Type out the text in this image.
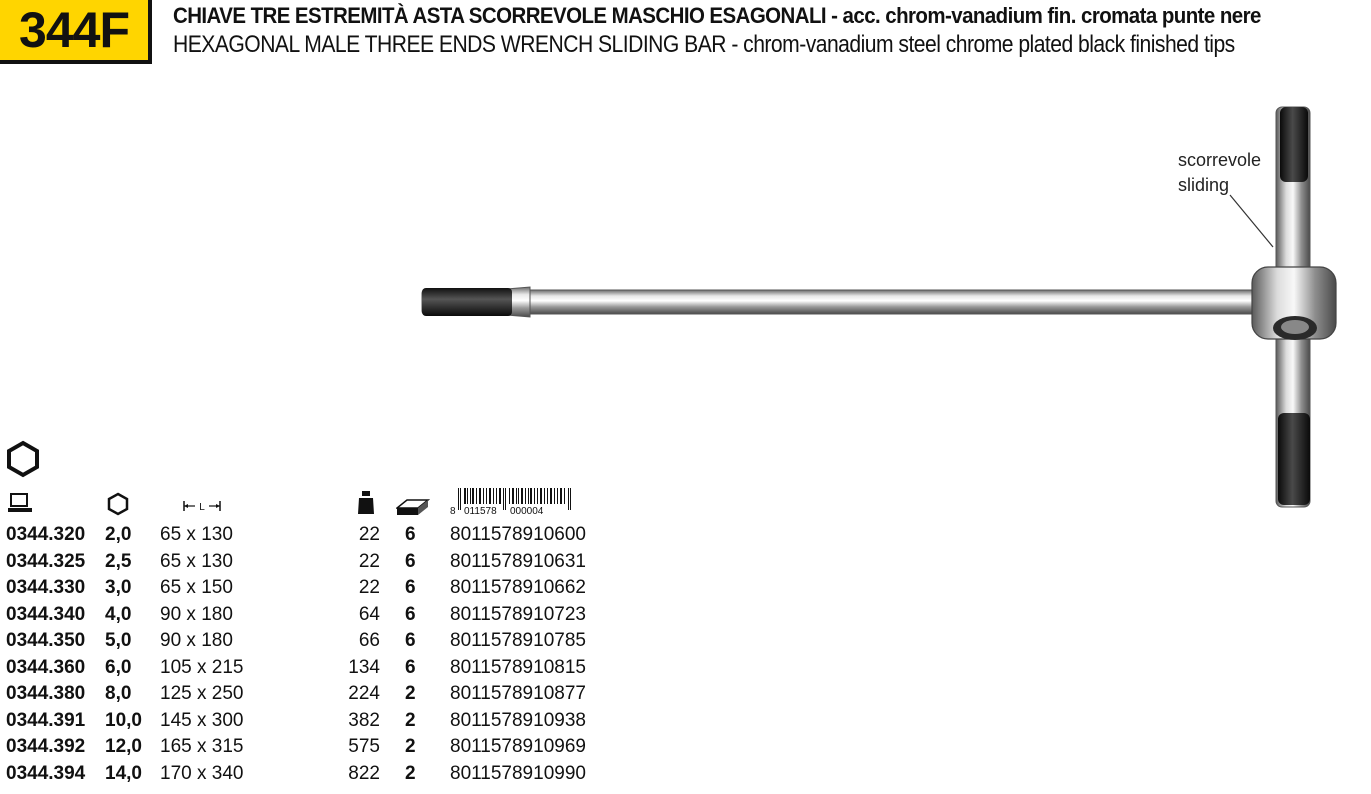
344F	CHIAVE TRE ESTREMITÀ ASTA SCORREVOLE MASCHIO ESAGONALI - acc. chrom-vanadium fin. cromata punte nere
HEXAGONAL MALE THREE ENDS WRENCH SLIDING BAR - chrom-vanadium steel chrome plated black finished tips
scorrevole
sliding
L	8 011578 000004
0344.320 2,0 65 x 130	22 6 8011578910600
0344.325 2,5 65 x 130	22 6 8011578910631
0344.330 3,0 65 x 150	22 6 8011578910662
0344.340 4,0 90 x 180	64 6 8011578910723
0344.350 5,0 90 x 180	66 6 8011578910785
0344.360 6,0 105 x 215	134 6 8011578910815
0344.380 8,0 125 x 250	224 2 8011578910877
0344.391 10,0 145 x 300	382 2 8011578910938
0344.392 12,0 165 x 315	575 2 8011578910969
0344.394 14,0 170 x 340	822 2 8011578910990
